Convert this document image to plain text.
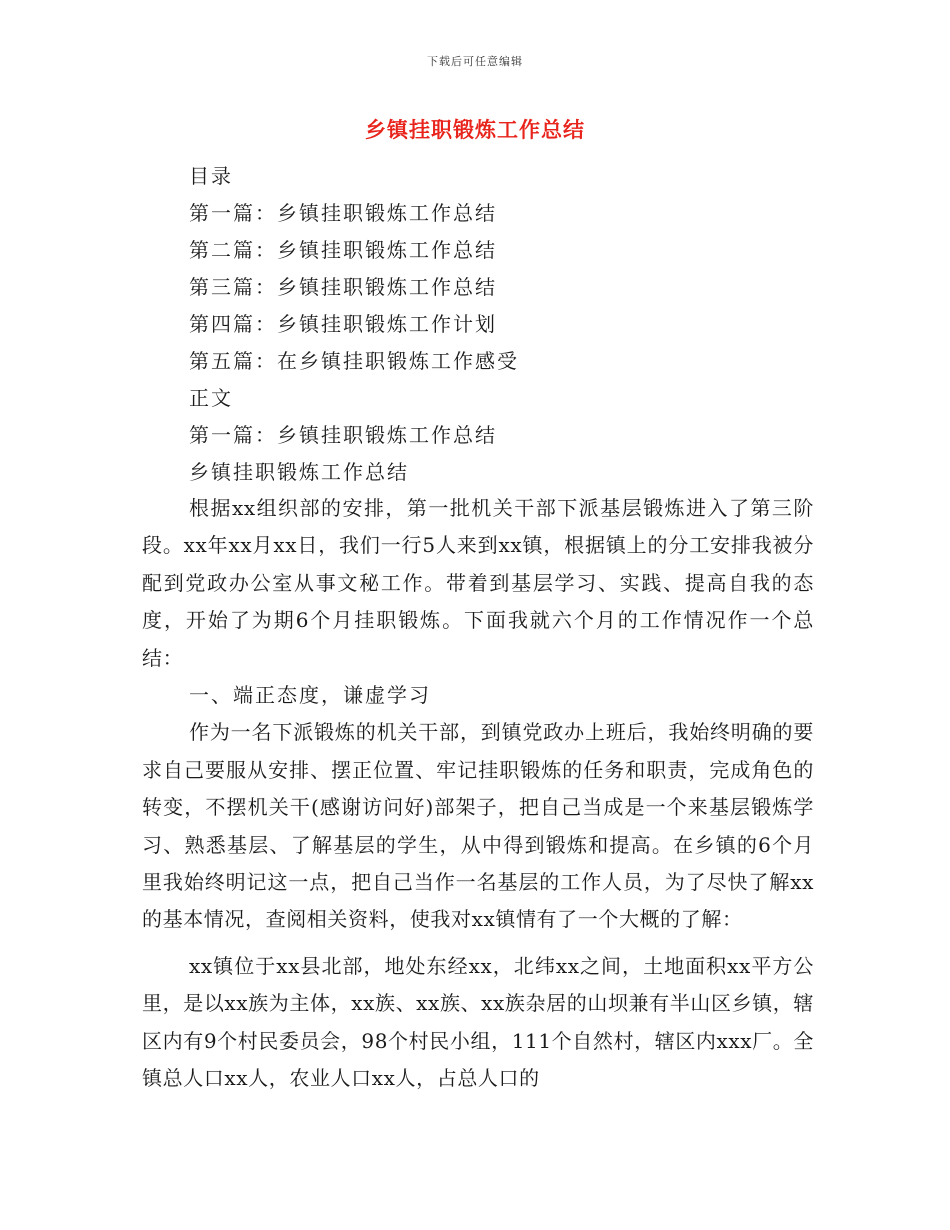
下载后可任意编辑
乡镇挂职锻炼工作总结
目录
第一篇：乡镇挂职锻炼工作总结
第二篇：乡镇挂职锻炼工作总结
第三篇：乡镇挂职锻炼工作总结
第四篇：乡镇挂职锻炼工作计划
第五篇：在乡镇挂职锻炼工作感受
正文
第一篇：乡镇挂职锻炼工作总结
乡镇挂职锻炼工作总结

根据xx组织部的安排，第一批机关干部下派基层锻炼进入了第三阶段。xx年xx月xx日，我们一行5人来到xx镇，根据镇上的分工安排我被分配到党政办公室从事文秘工作。带着到基层学习、实践、提高自我的态度，开始了为期6个月挂职锻炼。下面我就六个月的工作情况作一个总结：

一、端正态度，谦虚学习

作为一名下派锻炼的机关干部，到镇党政办上班后，我始终明确的要求自己要服从安排、摆正位置、牢记挂职锻炼的任务和职责，完成角色的转变，不摆机关干(感谢访问好)部架子，把自己当成是一个来基层锻炼学习、熟悉基层、了解基层的学生，从中得到锻炼和提高。在乡镇的6个月里我始终明记这一点，把自己当作一名基层的工作人员，为了尽快了解xx的基本情况，查阅相关资料，使我对xx镇情有了一个大概的了解：

xx镇位于xx县北部，地处东经xx，北纬xx之间，土地面积xx平方公里，是以xx族为主体，xx族、xx族、xx族杂居的山坝兼有半山区乡镇，辖区内有9个村民委员会，98个村民小组，111个自然村，辖区内xxx厂。全镇总人口xx人，农业人口xx人，占总人口的
